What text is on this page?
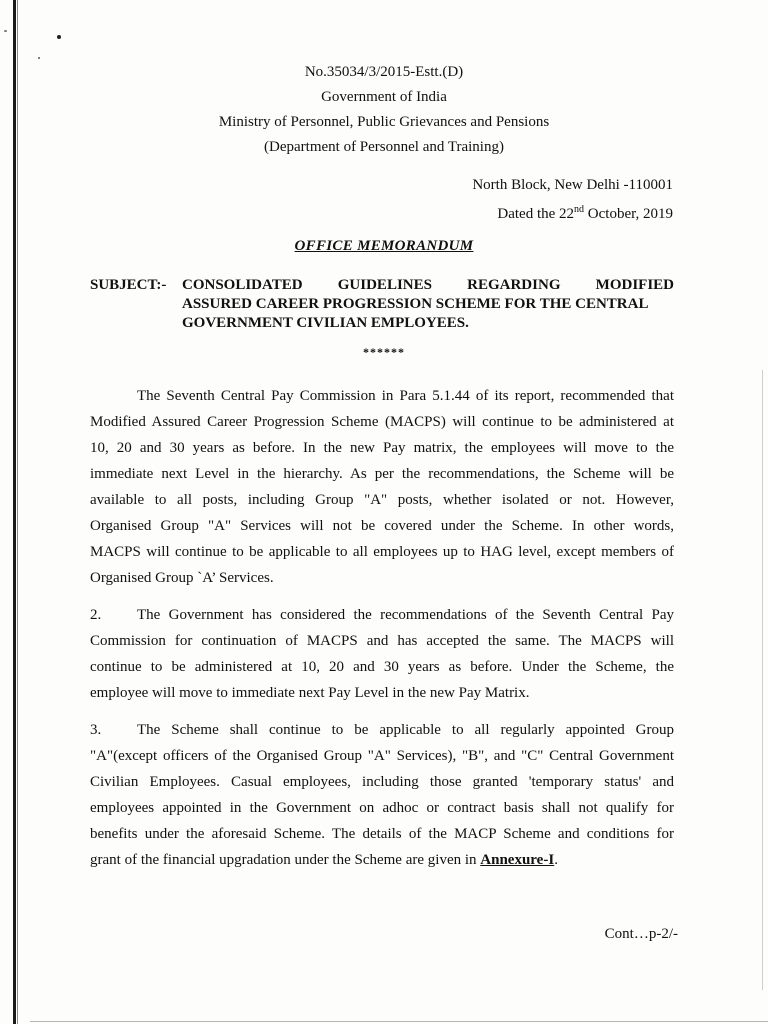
No.35034/3/2015-Estt.(D)
Government of India
Ministry of Personnel, Public Grievances and Pensions
(Department of Personnel and Training)
North Block, New Delhi -110001
Dated the 22nd October, 2019
OFFICE MEMORANDUM
SUBJECT:- CONSOLIDATED GUIDELINES REGARDING MODIFIED
ASSURED CAREER PROGRESSION SCHEME FOR THE CENTRAL
GOVERNMENT CIVILIAN EMPLOYEES.
******
The Seventh Central Pay Commission in Para 5.1.44 of its report, recommended that
Modified Assured Career Progression Scheme (MACPS) will continue to be administered at
10, 20 and 30 years as before. In the new Pay matrix, the employees will move to the
immediate next Level in the hierarchy. As per the recommendations, the Scheme will be
available to all posts, including Group "A" posts, whether isolated or not. However,
Organised Group "A" Services will not be covered under the Scheme. In other words,
MACPS will continue to be applicable to all employees up to HAG level, except members of
Organised Group `A’ Services.
2. The Government has considered the recommendations of the Seventh Central Pay
Commission for continuation of MACPS and has accepted the same. The MACPS will
continue to be administered at 10, 20 and 30 years as before. Under the Scheme, the
employee will move to immediate next Pay Level in the new Pay Matrix.
3. The Scheme shall continue to be applicable to all regularly appointed Group
"A"(except officers of the Organised Group "A" Services), "B", and "C" Central Government
Civilian Employees. Casual employees, including those granted 'temporary status' and
employees appointed in the Government on adhoc or contract basis shall not qualify for
benefits under the aforesaid Scheme. The details of the MACP Scheme and conditions for
grant of the financial upgradation under the Scheme are given in Annexure-I.
Cont…p-2/-
